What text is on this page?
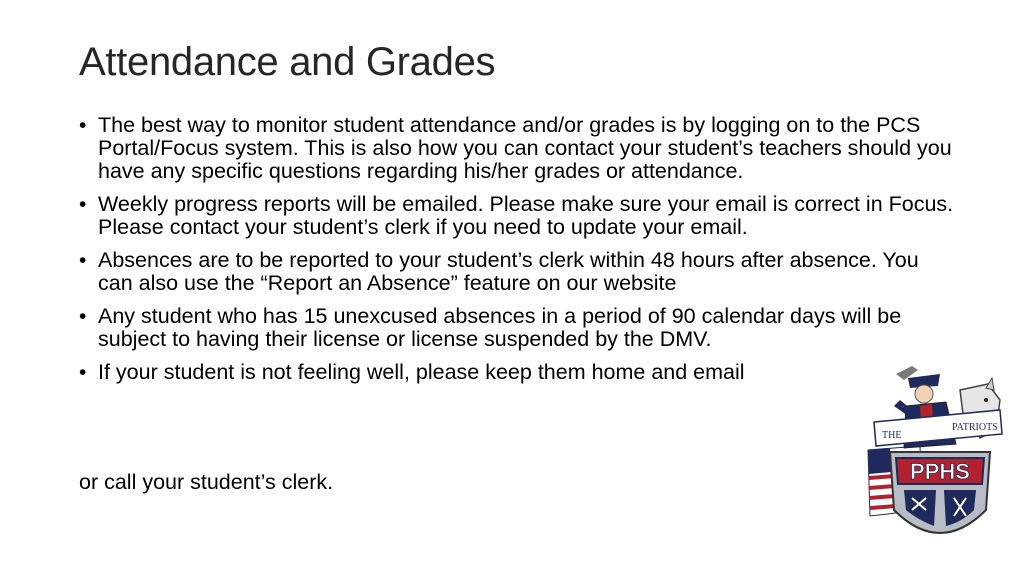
Attendance and Grades
• The best way to monitor student attendance and/or grades is by logging on to the PCS Portal/Focus system. This is also how you can contact your student’s teachers should you have any specific questions regarding his/her grades or attendance.
• Weekly progress reports will be emailed. Please make sure your email is correct in Focus. Please contact your student’s clerk if you need to update your email.
• Absences are to be reported to your student’s clerk within 48 hours after absence. You can also use the “Report an Absence” feature on our website
• Any student who has 15 unexcused absences in a period of 90 calendar days will be subject to having their license or license suspended by the DMV.
• If your student is not feeling well, please keep them home and email
or call your student’s clerk.
THE
PATRIOTS
PPHS
